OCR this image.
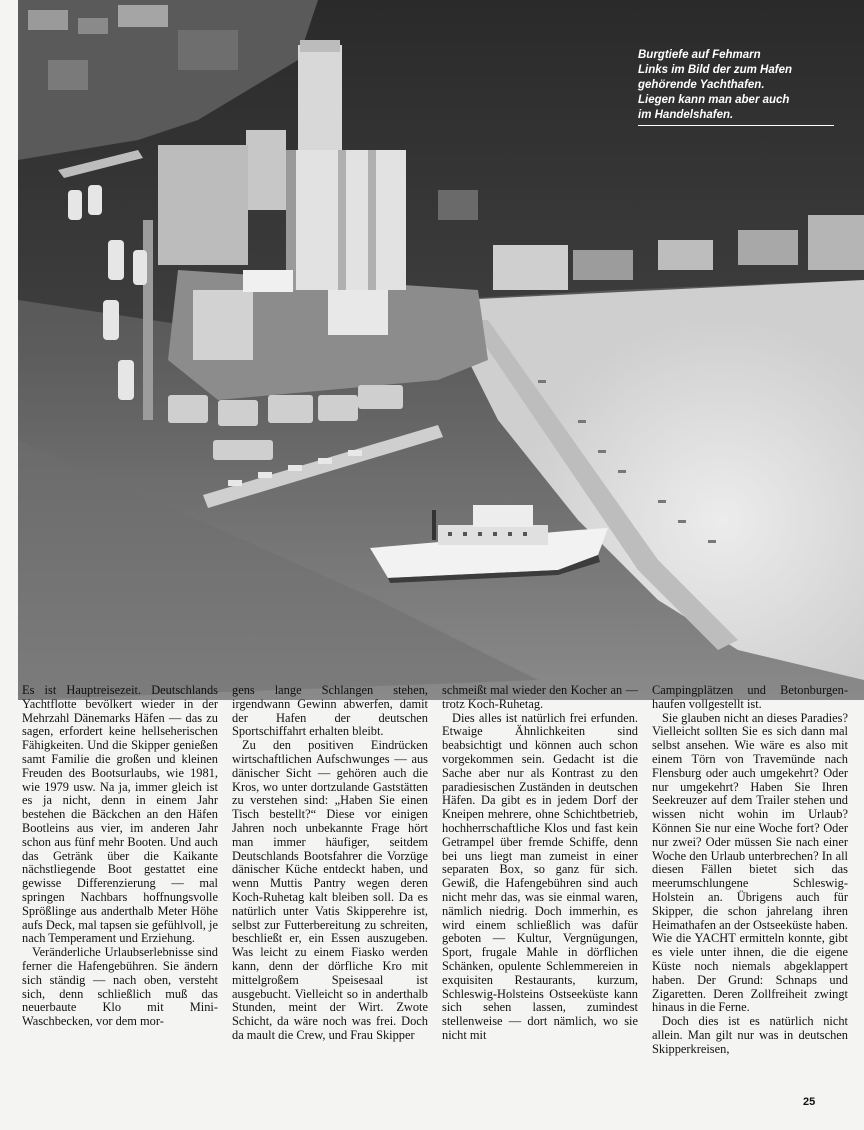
Burgtiefe auf Fehmarn
Links im Bild der zum Hafen
gehörende Yachthafen.
Liegen kann man aber auch
im Handelshafen.

Es ist Hauptreisezeit. Deutschlands Yachtflotte bevölkert wieder in der Mehrzahl Dänemarks Häfen — das zu sagen, erfordert keine hellseherischen Fähigkeiten. Und die Skipper genießen samt Familie die großen und kleinen Freuden des Bootsurlaubs, wie 1981, wie 1979 usw. Na ja, immer gleich ist es ja nicht, denn in einem Jahr bestehen die Bäckchen an den Häfen Bootleins aus vier, im anderen Jahr schon aus fünf mehr Booten. Und auch das Getränk über die Kaikante nächstliegende Boot gestattet eine gewisse Differenzierung — mal springen Nachbars hoffnungsvolle Sprößlinge aus anderthalb Meter Höhe aufs Deck, mal tapsen sie gefühlvoll, je nach Temperament und Erziehung.

Veränderliche Urlaubserlebnisse sind ferner die Hafengebühren. Sie ändern sich ständig — nach oben, versteht sich, denn schließlich muß das neuerbaute Klo mit Mini-Waschbecken, vor dem mor-

gens lange Schlangen stehen, irgendwann Gewinn abwerfen, damit der Hafen der deutschen Sportschiffahrt erhalten bleibt.

Zu den positiven Eindrücken wirtschaftlichen Aufschwunges — aus dänischer Sicht — gehören auch die Kros, wo unter dortzulande Gaststätten zu verstehen sind: „Haben Sie einen Tisch bestellt?“ Diese vor einigen Jahren noch unbekannte Frage hört man immer häufiger, seitdem Deutschlands Bootsfahrer die Vorzüge dänischer Küche entdeckt haben, und wenn Muttis Pantry wegen deren Koch-Ruhetag kalt bleiben soll. Da es natürlich unter Vatis Skipperehre ist, selbst zur Futterbereitung zu schreiten, beschließt er, ein Essen auszugeben. Was leicht zu einem Fiasko werden kann, denn der dörfliche Kro mit mittelgroßem Speisesaal ist ausgebucht. Vielleicht so in anderthalb Stunden, meint der Wirt. Zwote Schicht, da wäre noch was frei. Doch da mault die Crew, und Frau Skipper

schmeißt mal wieder den Kocher an — trotz Koch-Ruhetag.

Dies alles ist natürlich frei erfunden. Etwaige Ähnlichkeiten sind beabsichtigt und können auch schon vorgekommen sein. Gedacht ist die Sache aber nur als Kontrast zu den paradiesischen Zuständen in deutschen Häfen. Da gibt es in jedem Dorf der Kneipen mehrere, ohne Schichtbetrieb, hochherrschaftliche Klos und fast kein Getrampel über fremde Schiffe, denn bei uns liegt man zumeist in einer separaten Box, so ganz für sich. Gewiß, die Hafengebühren sind auch nicht mehr das, was sie einmal waren, nämlich niedrig. Doch immerhin, es wird einem schließlich was dafür geboten — Kultur, Vergnügungen, Sport, frugale Mahle in dörflichen Schänken, opulente Schlemmereien in exquisiten Restaurants, kurzum, Schleswig-Holsteins Ostseeküste kann sich sehen lassen, zumindest stellenweise — dort nämlich, wo sie nicht mit

Campingplätzen und Betonburgen-haufen vollgestellt ist.

Sie glauben nicht an dieses Paradies? Vielleicht sollten Sie es sich dann mal selbst ansehen. Wie wäre es also mit einem Törn von Travemünde nach Flensburg oder auch umgekehrt? Oder nur umgekehrt? Haben Sie Ihren Seekreuzer auf dem Trailer stehen und wissen nicht wohin im Urlaub? Können Sie nur eine Woche fort? Oder nur zwei? Oder müssen Sie nach einer Woche den Urlaub unterbrechen? In all diesen Fällen bietet sich das meerumschlungene Schleswig-Holstein an. Übrigens auch für Skipper, die schon jahrelang ihren Heimathafen an der Ostseeküste haben. Wie die YACHT ermitteln konnte, gibt es viele unter ihnen, die die eigene Küste noch niemals abgeklappert haben. Der Grund: Schnaps und Zigaretten. Deren Zollfreiheit zwingt hinaus in die Ferne.

Doch dies ist es natürlich nicht allein. Man gilt nur was in deutschen Skipperkreisen,

25
